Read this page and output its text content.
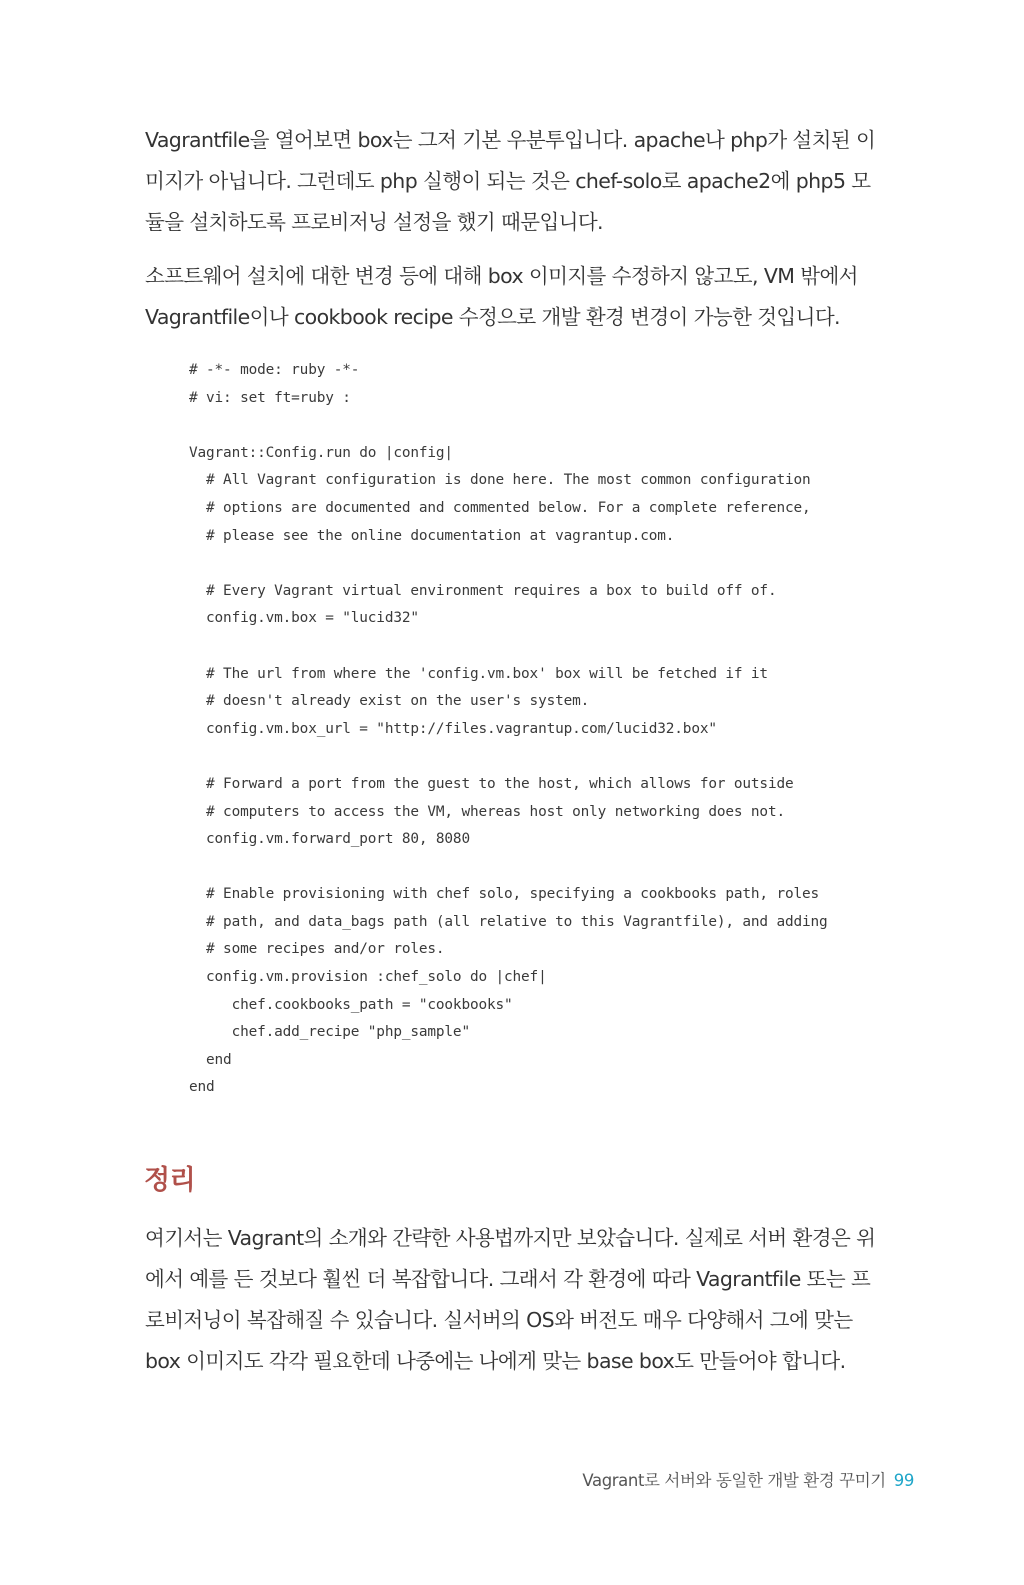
Vagrantfile을 열어보면 box는 그저 기본 우분투입니다. apache나 php가 설치된 이
미지가 아닙니다. 그런데도 php 실행이 되는 것은 chef-solo로 apache2에 php5 모
듈을 설치하도록 프로비저닝 설정을 했기 때문입니다.

소프트웨어 설치에 대한 변경 등에 대해 box 이미지를 수정하지 않고도, VM 밖에서
Vagrantfile이나 cookbook recipe 수정으로 개발 환경 변경이 가능한 것입니다.

# -*- mode: ruby -*-
# vi: set ft=ruby :

Vagrant::Config.run do |config|
# All Vagrant configuration is done here. The most common configuration
# options are documented and commented below. For a complete reference,
# please see the online documentation at vagrantup.com.

# Every Vagrant virtual environment requires a box to build off of.
config.vm.box = "lucid32"

# The url from where the 'config.vm.box' box will be fetched if it
# doesn't already exist on the user's system.
config.vm.box_url = "http://files.vagrantup.com/lucid32.box"

# Forward a port from the guest to the host, which allows for outside
# computers to access the VM, whereas host only networking does not.
config.vm.forward_port 80, 8080

# Enable provisioning with chef solo, specifying a cookbooks path, roles
# path, and data_bags path (all relative to this Vagrantfile), and adding
# some recipes and/or roles.
config.vm.provision :chef_solo do |chef|
chef.cookbooks_path = "cookbooks"
chef.add_recipe "php_sample"
end
end
정리

여기서는 Vagrant의 소개와 간략한 사용법까지만 보았습니다. 실제로 서버 환경은 위
에서 예를 든 것보다 훨씬 더 복잡합니다. 그래서 각 환경에 따라 Vagrantfile 또는 프
로비저닝이 복잡해질 수 있습니다. 실서버의 OS와 버전도 매우 다양해서 그에 맞는
box 이미지도 각각 필요한데 나중에는 나에게 맞는 base box도 만들어야 합니다.

Vagrant로 서버와 동일한 개발 환경 꾸미기 99
